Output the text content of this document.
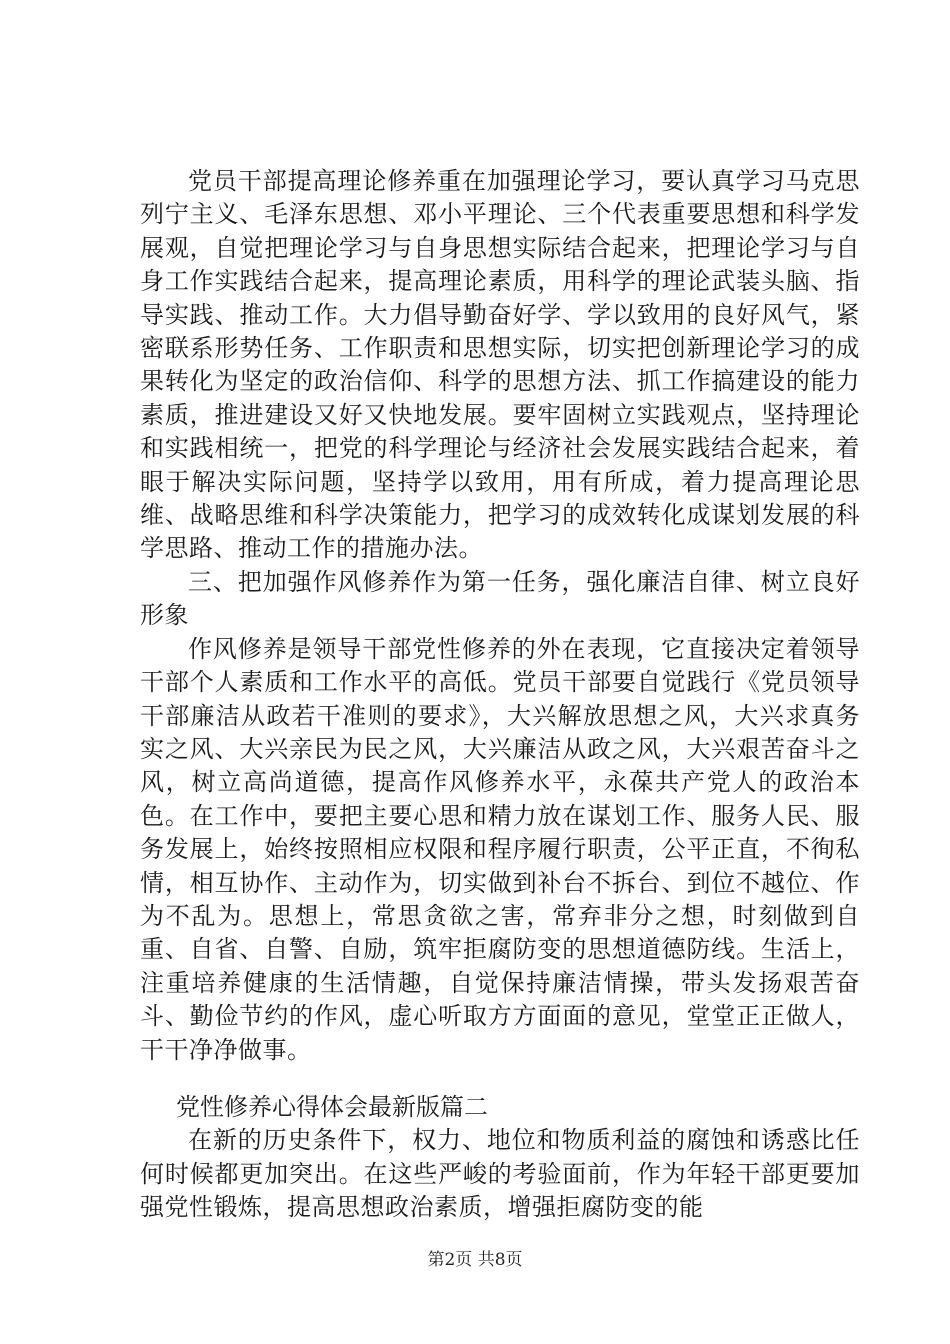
党员干部提高理论修养重在加强理论学习，要认真学习马克思列宁主义、毛泽东思想、邓小平理论、三个代表重要思想和科学发展观，自觉把理论学习与自身思想实际结合起来，把理论学习与自身工作实践结合起来，提高理论素质，用科学的理论武装头脑、指导实践、推动工作。大力倡导勤奋好学、学以致用的良好风气，紧密联系形势任务、工作职责和思想实际，切实把创新理论学习的成果转化为坚定的政治信仰、科学的思想方法、抓工作搞建设的能力素质，推进建设又好又快地发展。要牢固树立实践观点，坚持理论和实践相统一，把党的科学理论与经济社会发展实践结合起来，着眼于解决实际问题，坚持学以致用，用有所成，着力提高理论思维、战略思维和科学决策能力，把学习的成效转化成谋划发展的科学思路、推动工作的措施办法。

三、把加强作风修养作为第一任务，强化廉洁自律、树立良好形象

作风修养是领导干部党性修养的外在表现，它直接决定着领导干部个人素质和工作水平的高低。党员干部要自觉践行《党员领导干部廉洁从政若干准则的要求》，大兴解放思想之风，大兴求真务实之风、大兴亲民为民之风，大兴廉洁从政之风，大兴艰苦奋斗之风，树立高尚道德，提高作风修养水平，永葆共产党人的政治本色。在工作中，要把主要心思和精力放在谋划工作、服务人民、服务发展上，始终按照相应权限和程序履行职责，公平正直，不徇私情，相互协作、主动作为，切实做到补台不拆台、到位不越位、作为不乱为。思想上，常思贪欲之害，常弃非分之想，时刻做到自重、自省、自警、自励，筑牢拒腐防变的思想道德防线。生活上，注重培养健康的生活情趣，自觉保持廉洁情操，带头发扬艰苦奋斗、勤俭节约的作风，虚心听取方方面面的意见，堂堂正正做人，干干净净做事。

党性修养心得体会最新版篇二

在新的历史条件下，权力、地位和物质利益的腐蚀和诱惑比任何时候都更加突出。在这些严峻的考验面前，作为年轻干部更要加强党性锻炼，提高思想政治素质，增强拒腐防变的能

第2页 共8页
